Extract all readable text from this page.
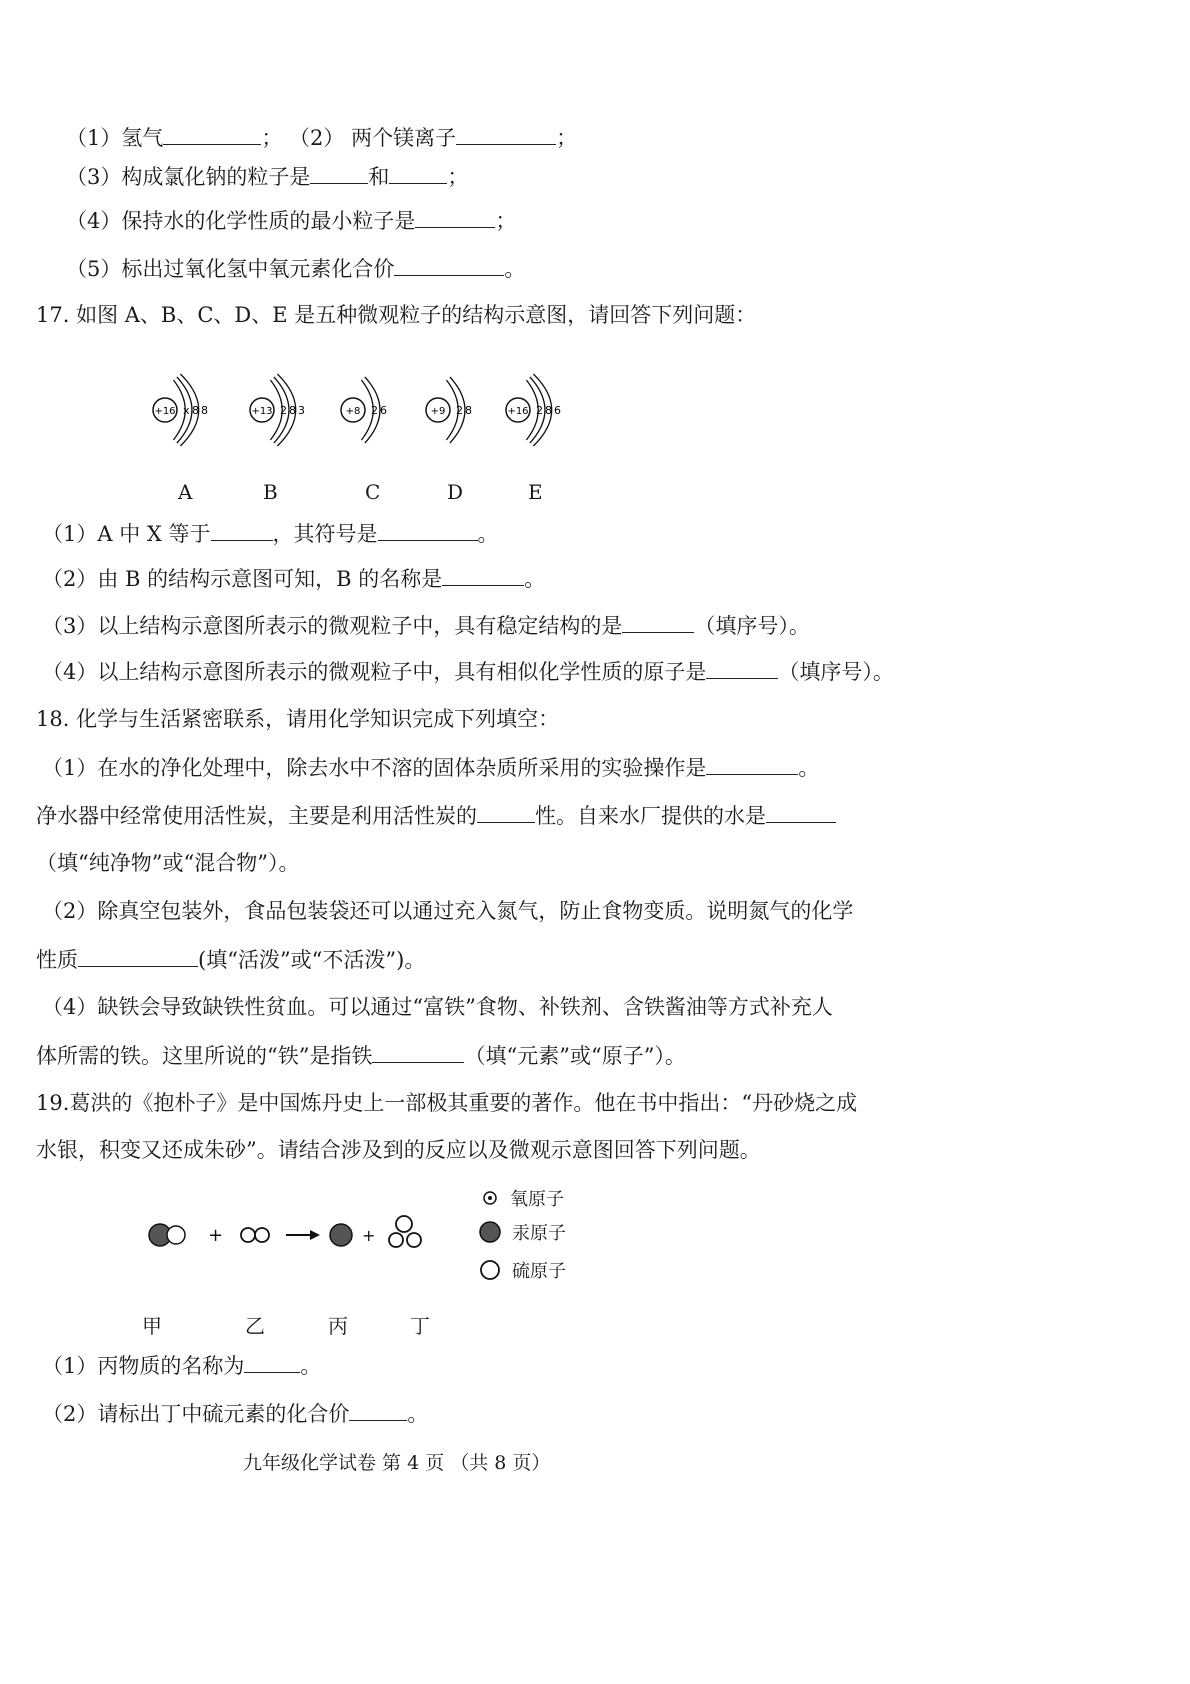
（1）氢气	； （2） 两个镁离子	；
（3）构成氯化钠的粒子是	和	；
（4）保持水的化学性质的最小粒子是	；
（5）标出过氧化氢中氧元素化合价	。
17. 如图 A、B、C、D、E 是五种微观粒子的结构示意图，请回答下列问题：
+16 x 8 8	+13 2 8 3	+8 2 6	+9 2 8	+16 2 8 6
A	B	C	D	E
（1）A 中 X 等于	，其符号是	。
（2）由 B 的结构示意图可知，B 的名称是	。
（3）以上结构示意图所表示的微观粒子中，具有稳定结构的是	（填序号）。
（4）以上结构示意图所表示的微观粒子中，具有相似化学性质的原子是	（填序号）。
18. 化学与生活紧密联系，请用化学知识完成下列填空：
（1）在水的净化处理中，除去水中不溶的固体杂质所采用的实验操作是	。
净水器中经常使用活性炭，主要是利用活性炭的	性。自来水厂提供的水是
（填“纯净物”或“混合物”）。
（2）除真空包装外，食品包装袋还可以通过充入氮气，防止食物变质。说明氮气的化学
性质	(填“活泼”或“不活泼”)。
（4）缺铁会导致缺铁性贫血。可以通过“富铁”食物、补铁剂、含铁酱油等方式补充人
体所需的铁。这里所说的“铁”是指铁	（填“元素”或“原子”）。
19.葛洪的《抱朴子》是中国炼丹史上一部极其重要的著作。他在书中指出：“丹砂烧之成
水银，积变又还成朱砂”。请结合涉及到的反应以及微观示意图回答下列问题。
+	+
氧原子
汞原子
硫原子
甲	乙	丙	丁
（1）丙物质的名称为	。
（2）请标出丁中硫元素的化合价	。
九年级化学试卷 第 4 页 （共 8 页）
